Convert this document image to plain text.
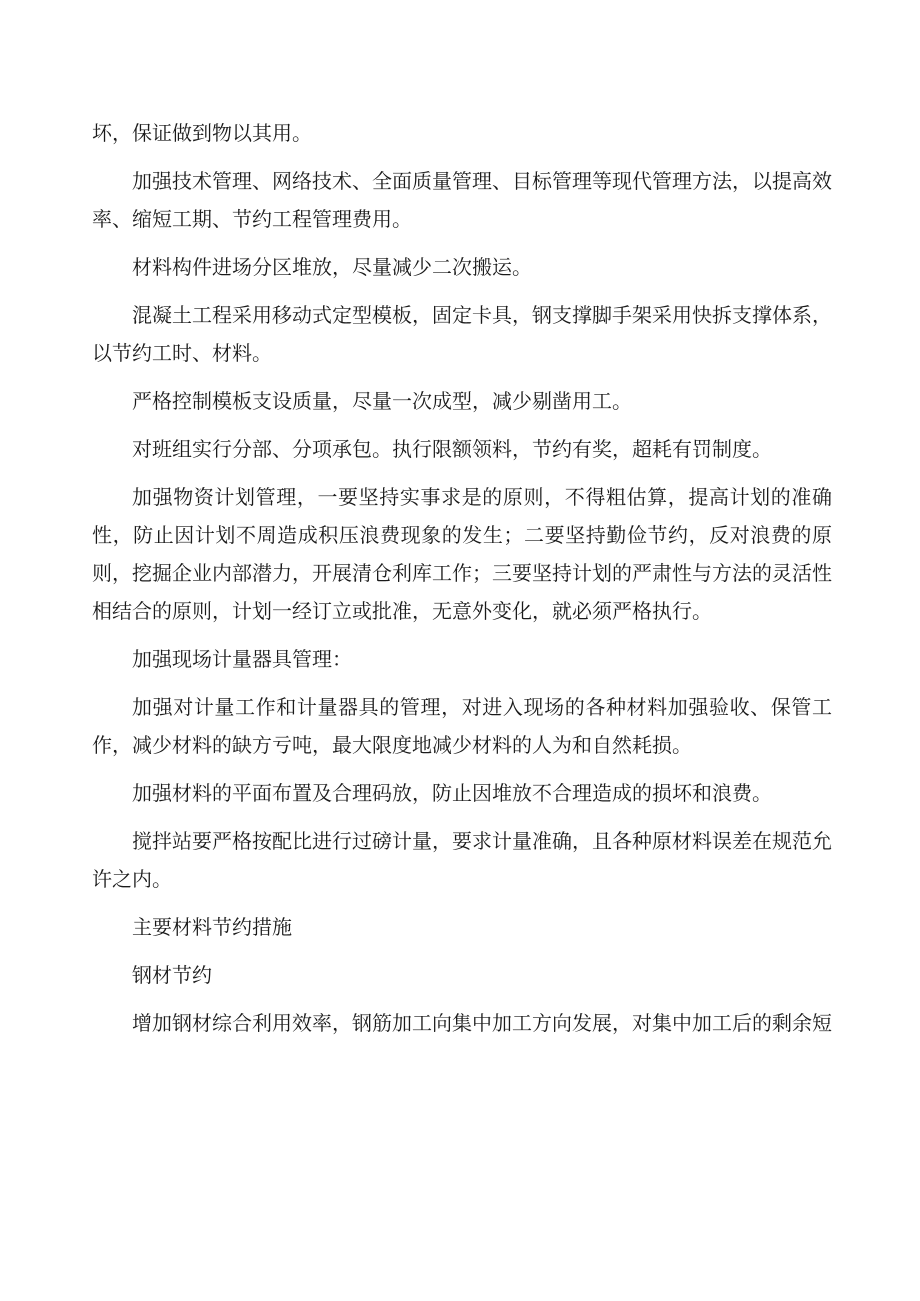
坏，保证做到物以其用。

加强技术管理、网络技术、全面质量管理、目标管理等现代管理方法，以提高效率、缩短工期、节约工程管理费用。

材料构件进场分区堆放，尽量减少二次搬运。

混凝土工程采用移动式定型模板，固定卡具，钢支撑脚手架采用快拆支撑体系，以节约工时、材料。

严格控制模板支设质量，尽量一次成型，减少剔凿用工。

对班组实行分部、分项承包。执行限额领料，节约有奖，超耗有罚制度。

加强物资计划管理，一要坚持实事求是的原则，不得粗估算，提高计划的准确性，防止因计划不周造成积压浪费现象的发生；二要坚持勤俭节约，反对浪费的原则，挖掘企业内部潜力，开展清仓利库工作；三要坚持计划的严肃性与方法的灵活性相结合的原则，计划一经订立或批准，无意外变化，就必须严格执行。

加强现场计量器具管理：

加强对计量工作和计量器具的管理，对进入现场的各种材料加强验收、保管工作，减少材料的缺方亏吨，最大限度地减少材料的人为和自然耗损。

加强材料的平面布置及合理码放，防止因堆放不合理造成的损坏和浪费。

搅拌站要严格按配比进行过磅计量，要求计量准确，且各种原材料误差在规范允许之内。

主要材料节约措施

钢材节约

增加钢材综合利用效率，钢筋加工向集中加工方向发展，对集中加工后的剩余短
